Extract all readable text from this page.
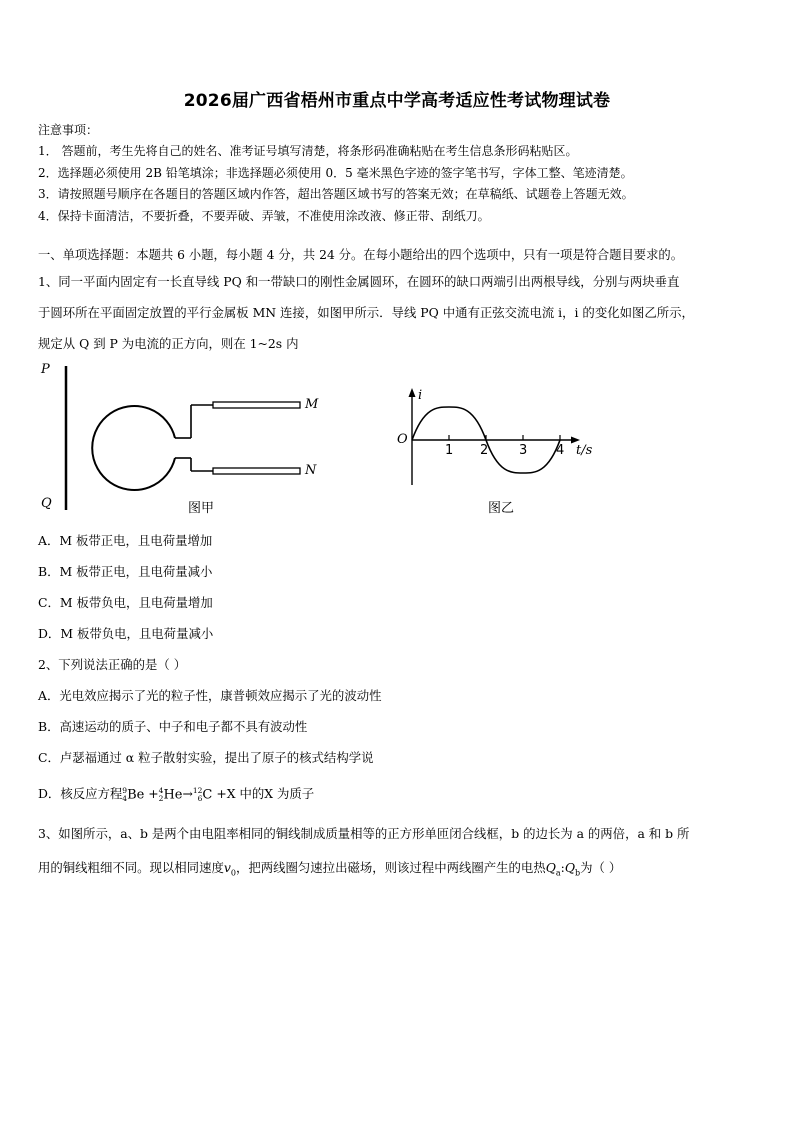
2026届广西省梧州市重点中学高考适应性考试物理试卷
注意事项：
1． 答题前，考生先将自己的姓名、准考证号填写清楚，将条形码准确粘贴在考生信息条形码粘贴区。
2．选择题必须使用 2B 铅笔填涂；非选择题必须使用 0．5 毫米黑色字迹的签字笔书写，字体工整、笔迹清楚。
3．请按照题号顺序在各题目的答题区域内作答，超出答题区域书写的答案无效；在草稿纸、试题卷上答题无效。
4．保持卡面清洁，不要折叠，不要弄破、弄皱，不准使用涂改液、修正带、刮纸刀。
一、单项选择题：本题共 6 小题，每小题 4 分，共 24 分。在每小题给出的四个选项中，只有一项是符合题目要求的。
1、同一平面内固定有一长直导线 PQ 和一带缺口的刚性金属圆环，在圆环的缺口两端引出两根导线，分别与两块垂直
于圆环所在平面固定放置的平行金属板 MN 连接，如图甲所示．导线 PQ 中通有正弦交流电流 i，i 的变化如图乙所示，
规定从 Q 到 P 为电流的正方向，则在 1~2s 内
P
Q
M
N
图甲
i
O
1 2 3 4 t/s
图乙
A．M 板带正电，且电荷量增加
B．M 板带正电，且电荷量减小
C．M 板带负电，且电荷量增加
D．M 板带负电，且电荷量减小
2、下列说法正确的是（ ）
A．光电效应揭示了光的粒子性，康普顿效应揭示了光的波动性
B．高速运动的质子、中子和电子都不具有波动性
C．卢瑟福通过 α 粒子散射实验，提出了原子的核式结构学说
D．核反应方程 9
4 Be + 4
2 He→ 12
6 C +X 中的X 为质子
3、如图所示，a、b 是两个由电阻率相同的铜线制成质量相等的正方形单匝闭合线框，b 的边长为 a 的两倍，a 和 b 所
用的铜线粗细不同。现以相同速度$v_0$，把两线圈匀速拉出磁场，则该过程中两线圈产生的电热$Q_a:Q_b$为（ ）
